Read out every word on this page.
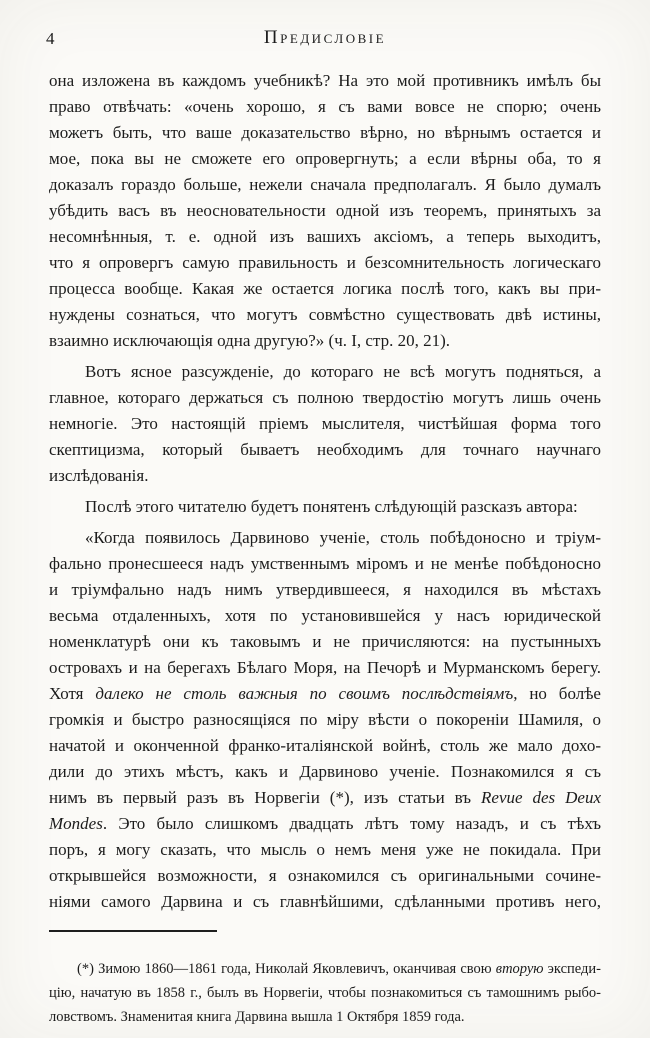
4	Предисловіе
она изложена въ каждомъ учебникѣ? На это мой противникъ имѣлъ бы
право отвѣчать: «очень хорошо, я съ вами вовсе не спорю; очень
можетъ быть, что ваше доказательство вѣрно, но вѣрнымъ остается и
мое, пока вы не сможете его опровергнуть; а если вѣрны оба, то я
доказалъ гораздо больше, нежели сначала предполагалъ. Я было думалъ
убѣдить васъ въ неосновательности одной изъ теоремъ, принятыхъ за
несомнѣнныя, т. е. одной изъ вашихъ аксіомъ, а теперь выходитъ,
что я опровергъ самую правильность и безсомнительность логическаго
процесса вообще. Какая же остается логика послѣ того, какъ вы при-
нуждены сознаться, что могутъ совмѣстно существовать двѣ истины,
взаимно исключающія одна другую?» (ч. I, стр. 20, 21).
Вотъ ясное разсужденіе, до котораго не всѣ могутъ подняться, а
главное, котораго держаться съ полною твердостію могутъ лишь очень
немногіе. Это настоящій пріемъ мыслителя, чистѣйшая форма того
скептицизма, который бываетъ необходимъ для точнаго научнаго
изслѣдованія.
Послѣ этого читателю будетъ понятенъ слѣдующій разсказъ автора:
«Когда появилось Дарвиново ученіе, столь побѣдоносно и тріум-
фально пронесшееся надъ умственнымъ міромъ и не менѣе побѣдоносно
и тріумфально надъ нимъ утвердившееся, я находился въ мѣстахъ
весьма отдаленныхъ, хотя по установившейся у насъ юридической
номенклатурѣ они къ таковымъ и не причисляются: на пустынныхъ
островахъ и на берегахъ Бѣлаго Моря, на Печорѣ и Мурманскомъ берегу.
Хотя далеко не столь важныя по своимъ послѣдствіямъ, но болѣе
громкія и быстро разносящіяся по міру вѣсти о покореніи Шамиля, о
начатой и оконченной франко-италіянской войнѣ, столь же мало дохо-
дили до этихъ мѣстъ, какъ и Дарвиново ученіе. Познакомился я съ
нимъ въ первый разъ въ Норвегіи (*), изъ статьи въ Revue des Deux
Mondes. Это было слишкомъ двадцать лѣтъ тому назадъ, и съ тѣхъ
поръ, я могу сказать, что мысль о немъ меня уже не покидала. При
открывшейся возможности, я ознакомился съ оригинальными сочине-
ніями самого Дарвина и съ главнѣйшими, сдѣланными противъ него,
(*) Зимою 1860—1861 года, Николай Яковлевичъ, оканчивая свою вторую экспеди-
цію, начатую въ 1858 г., былъ въ Норвегіи, чтобы познакомиться съ тамошнимъ рыбо-
ловствомъ. Знаменитая книга Дарвина вышла 1 Октября 1859 года.
